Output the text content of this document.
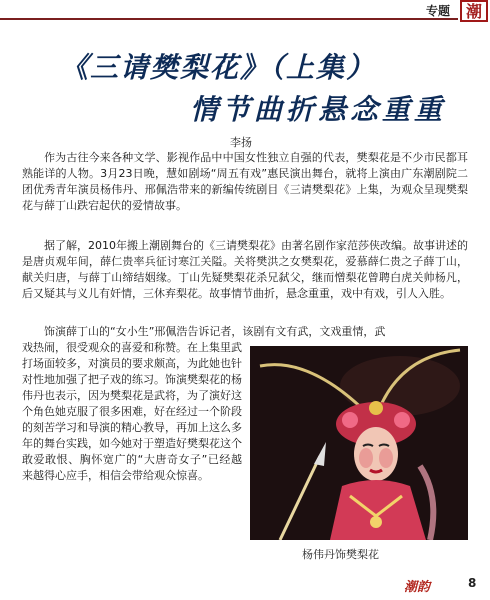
专题 潮
《三请樊梨花》（上集）
情节曲折悬念重重
李扬
作为古往今来各种文学、影视作品中中国女性独立自强的代表，樊梨花是不少市民都耳熟能详的人物。3月23日晚，慧如剧场“周五有戏”惠民演出舞台，就将上演由广东潮剧院二团优秀青年演员杨伟丹、邢佩浩带来的新编传统剧目《三请樊梨花》上集，为观众呈现樊梨花与薛丁山跌宕起伏的爱情故事。
据了解，2010年搬上潮剧舞台的《三请樊梨花》由著名剧作家范莎侠改编。故事讲述的是唐贞观年间，薛仁贵率兵征讨寒江关隘。关将樊洪之女樊梨花，爱慕薛仁贵之子薛丁山，献关归唐，与薛丁山缔结姻缘。丁山先疑樊梨花杀兄弑父，继而憎梨花曾聘白虎关帅杨凡，后又疑其与义儿有奸情，三休弃梨花。故事情节曲折，悬念重重，戏中有戏，引人入胜。
饰演薛丁山的“女小生”邢佩浩告诉记者，该剧有文有武，文戏重情，武
戏热闹，很受观众的喜爱和称赞。在上集里武打场面较多，对演员的要求颇高，为此她也针对性地加强了把子戏的练习。饰演樊梨花的杨伟丹也表示，因为樊梨花是武将，为了演好这个角色她克服了很多困难，好在经过一个阶段的刻苦学习和导演的精心教导，再加上这么多年的舞台实践，如今她对于塑造好樊梨花这个敢爱敢恨、胸怀宽广的“大唐奇女子”已经越来越得心应手，相信会带给观众惊喜。
杨伟丹饰樊梨花
潮韵	8
